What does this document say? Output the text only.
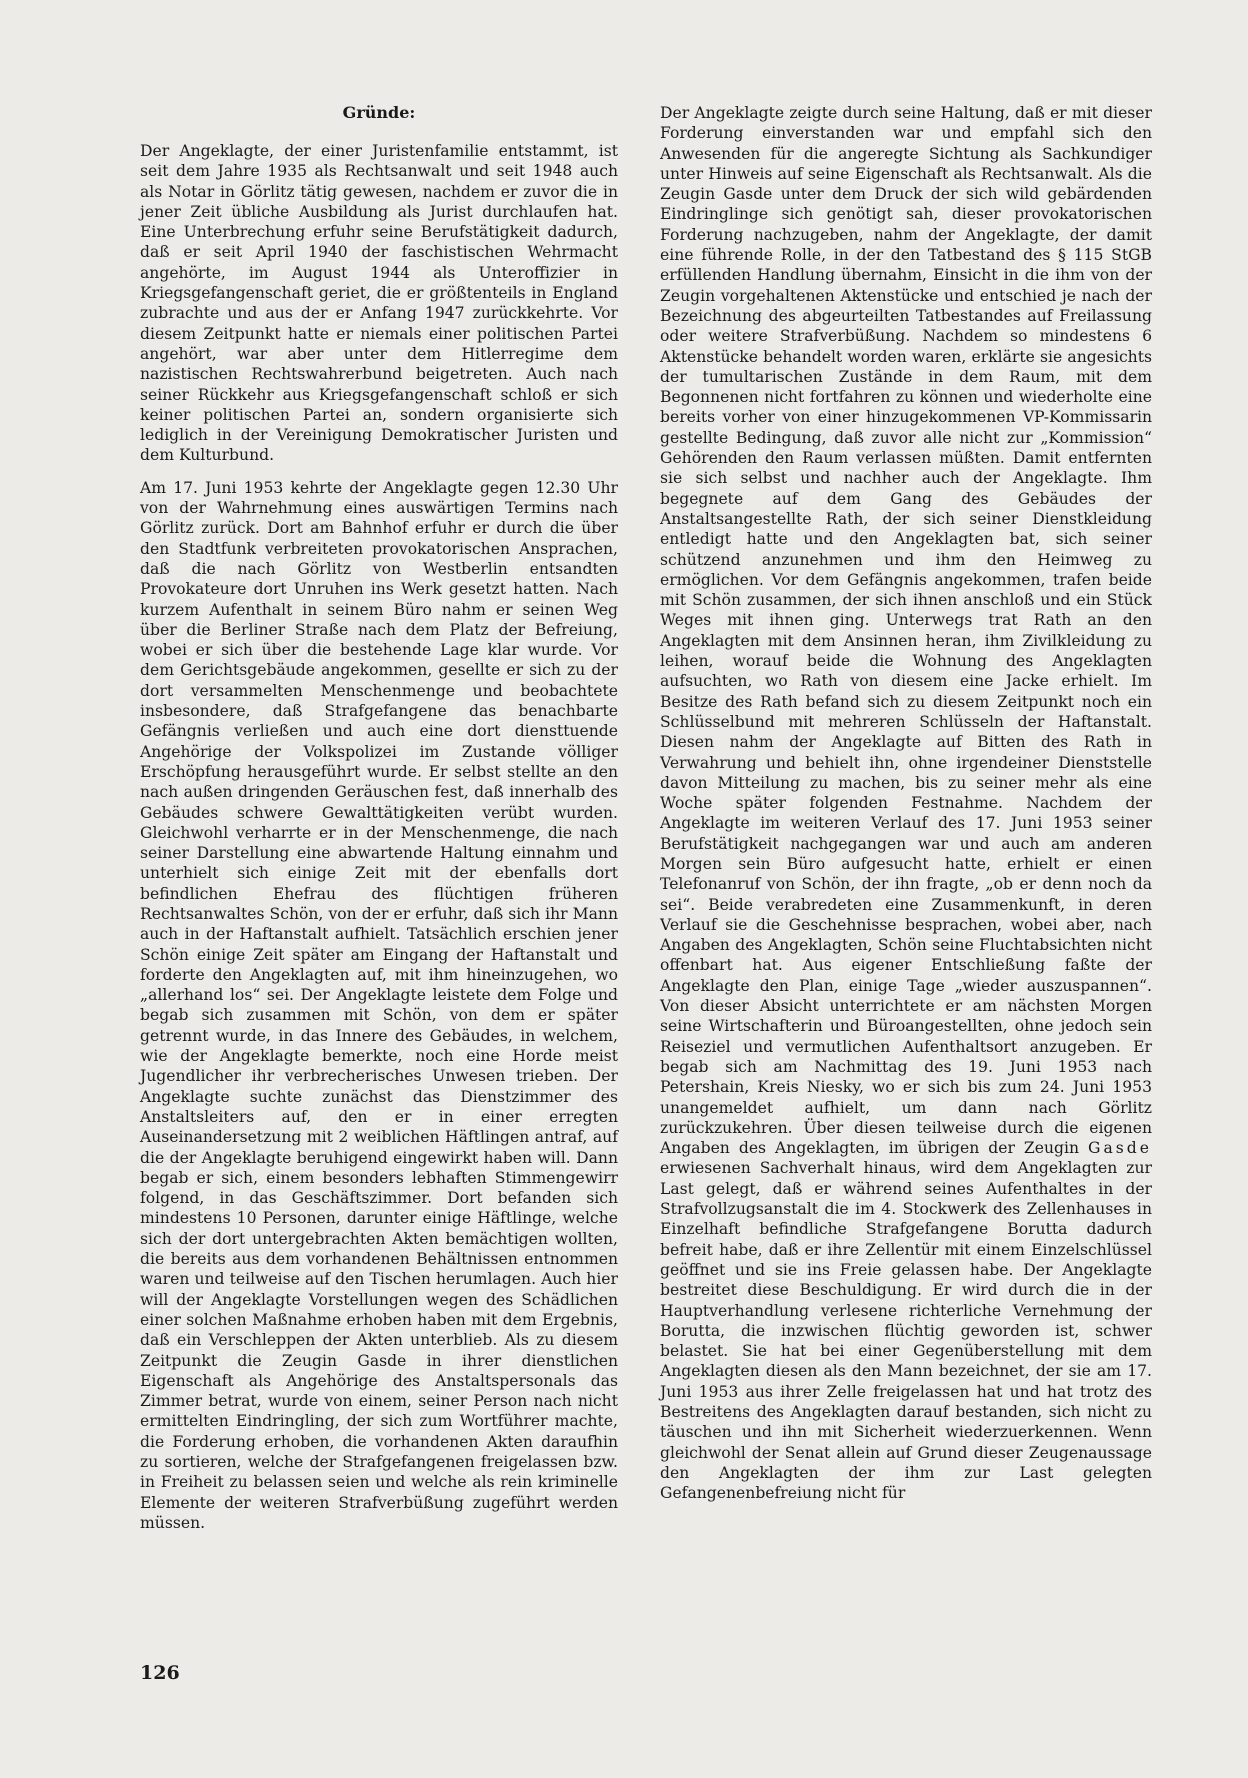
Gründe:

Der Angeklagte, der einer Juristenfamilie entstammt, ist seit dem Jahre 1935 als Rechtsanwalt und seit 1948 auch als Notar in Görlitz tätig gewesen, nachdem er zuvor die in jener Zeit übliche Ausbildung als Jurist durchlaufen hat. Eine Unterbrechung erfuhr seine Berufstätigkeit dadurch, daß er seit April 1940 der faschistischen Wehrmacht angehörte, im August 1944 als Unteroffizier in Kriegsgefangenschaft geriet, die er größtenteils in England zubrachte und aus der er Anfang 1947 zurückkehrte. Vor diesem Zeitpunkt hatte er niemals einer politischen Partei angehört, war aber unter dem Hitlerregime dem nazistischen Rechtswahrerbund beigetreten. Auch nach seiner Rückkehr aus Kriegsgefangenschaft schloß er sich keiner politischen Partei an, sondern organisierte sich lediglich in der Vereinigung Demokratischer Juristen und dem Kulturbund.

Am 17. Juni 1953 kehrte der Angeklagte gegen 12.30 Uhr von der Wahrnehmung eines auswärtigen Termins nach Görlitz zurück. Dort am Bahnhof erfuhr er durch die über den Stadtfunk verbreiteten provokatorischen Ansprachen, daß die nach Görlitz von Westberlin entsandten Provokateure dort Unruhen ins Werk gesetzt hatten. Nach kurzem Aufenthalt in seinem Büro nahm er seinen Weg über die Berliner Straße nach dem Platz der Befreiung, wobei er sich über die bestehende Lage klar wurde. Vor dem Gerichtsgebäude angekommen, gesellte er sich zu der dort versammelten Menschenmenge und beobachtete insbesondere, daß Strafgefangene das benachbarte Gefängnis verließen und auch eine dort diensttuende Angehörige der Volkspolizei im Zustande völliger Erschöpfung herausgeführt wurde. Er selbst stellte an den nach außen dringenden Geräuschen fest, daß innerhalb des Gebäudes schwere Gewalttätigkeiten verübt wurden. Gleichwohl verharrte er in der Menschenmenge, die nach seiner Darstellung eine abwartende Haltung einnahm und unterhielt sich einige Zeit mit der ebenfalls dort befindlichen Ehefrau des flüchtigen früheren Rechtsanwaltes Schön, von der er erfuhr, daß sich ihr Mann auch in der Haftanstalt aufhielt. Tatsächlich erschien jener Schön einige Zeit später am Eingang der Haftanstalt und forderte den Angeklagten auf, mit ihm hineinzugehen, wo „allerhand los“ sei. Der Angeklagte leistete dem Folge und begab sich zusammen mit Schön, von dem er später getrennt wurde, in das Innere des Gebäudes, in welchem, wie der Angeklagte bemerkte, noch eine Horde meist Jugendlicher ihr verbrecherisches Unwesen trieben. Der Angeklagte suchte zunächst das Dienstzimmer des Anstaltsleiters auf, den er in einer erregten Auseinandersetzung mit 2 weiblichen Häftlingen antraf, auf die der Angeklagte beruhigend eingewirkt haben will. Dann begab er sich, einem besonders lebhaften Stimmengewirr folgend, in das Geschäftszimmer. Dort befanden sich mindestens 10 Personen, darunter einige Häftlinge, welche sich der dort untergebrachten Akten bemächtigen wollten, die bereits aus dem vorhandenen Behältnissen entnommen waren und teilweise auf den Tischen herumlagen. Auch hier will der Angeklagte Vorstellungen wegen des Schädlichen einer solchen Maßnahme erhoben haben mit dem Ergebnis, daß ein Verschleppen der Akten unterblieb. Als zu diesem Zeitpunkt die Zeugin Gasde in ihrer dienstlichen Eigenschaft als Angehörige des Anstaltspersonals das Zimmer betrat, wurde von einem, seiner Person nach nicht ermittelten Eindringling, der sich zum Wortführer machte, die Forderung erhoben, die vorhandenen Akten daraufhin zu sortieren, welche der Strafgefangenen freigelassen bzw. in Freiheit zu belassen seien und welche als rein kriminelle Elemente der weiteren Strafverbüßung zugeführt werden müssen.

Der Angeklagte zeigte durch seine Haltung, daß er mit dieser Forderung einverstanden war und empfahl sich den Anwesenden für die angeregte Sichtung als Sachkundiger unter Hinweis auf seine Eigenschaft als Rechtsanwalt. Als die Zeugin Gasde unter dem Druck der sich wild gebärdenden Eindringlinge sich genötigt sah, dieser provokatorischen Forderung nachzugeben, nahm der Angeklagte, der damit eine führende Rolle, in der den Tatbestand des § 115 StGB erfüllenden Handlung übernahm, Einsicht in die ihm von der Zeugin vorgehaltenen Aktenstücke und entschied je nach der Bezeichnung des abgeurteilten Tatbestandes auf Freilassung oder weitere Strafverbüßung. Nachdem so mindestens 6 Aktenstücke behandelt worden waren, erklärte sie angesichts der tumultarischen Zustände in dem Raum, mit dem Begonnenen nicht fortfahren zu können und wiederholte eine bereits vorher von einer hinzugekommenen VP-Kommissarin gestellte Bedingung, daß zuvor alle nicht zur „Kommission“ Gehörenden den Raum verlassen müßten. Damit entfernten sie sich selbst und nachher auch der Angeklagte. Ihm begegnete auf dem Gang des Gebäudes der Anstaltsangestellte Rath, der sich seiner Dienstkleidung entledigt hatte und den Angeklagten bat, sich seiner schützend anzunehmen und ihm den Heimweg zu ermöglichen. Vor dem Gefängnis angekommen, trafen beide mit Schön zusammen, der sich ihnen anschloß und ein Stück Weges mit ihnen ging. Unterwegs trat Rath an den Angeklagten mit dem Ansinnen heran, ihm Zivilkleidung zu leihen, worauf beide die Wohnung des Angeklagten aufsuchten, wo Rath von diesem eine Jacke erhielt. Im Besitze des Rath befand sich zu diesem Zeitpunkt noch ein Schlüsselbund mit mehreren Schlüsseln der Haftanstalt. Diesen nahm der Angeklagte auf Bitten des Rath in Verwahrung und behielt ihn, ohne irgendeiner Dienststelle davon Mitteilung zu machen, bis zu seiner mehr als eine Woche später folgenden Festnahme. Nachdem der Angeklagte im weiteren Verlauf des 17. Juni 1953 seiner Berufstätigkeit nachgegangen war und auch am anderen Morgen sein Büro aufgesucht hatte, erhielt er einen Telefonanruf von Schön, der ihn fragte, „ob er denn noch da sei“. Beide verabredeten eine Zusammenkunft, in deren Verlauf sie die Geschehnisse besprachen, wobei aber, nach Angaben des Angeklagten, Schön seine Fluchtabsichten nicht offenbart hat. Aus eigener Entschließung faßte der Angeklagte den Plan, einige Tage „wieder auszuspannen“. Von dieser Absicht unterrichtete er am nächsten Morgen seine Wirtschafterin und Büroangestellten, ohne jedoch sein Reiseziel und vermutlichen Aufenthaltsort anzugeben. Er begab sich am Nachmittag des 19. Juni 1953 nach Petershain, Kreis Niesky, wo er sich bis zum 24. Juni 1953 unangemeldet aufhielt, um dann nach Görlitz zurückzukehren. Über diesen teilweise durch die eigenen Angaben des Angeklagten, im übrigen der Zeugin Gasde erwiesenen Sachverhalt hinaus, wird dem Angeklagten zur Last gelegt, daß er während seines Aufenthaltes in der Strafvollzugsanstalt die im 4. Stockwerk des Zellenhauses in Einzelhaft befindliche Strafgefangene Borutta dadurch befreit habe, daß er ihre Zellentür mit einem Einzelschlüssel geöffnet und sie ins Freie gelassen habe. Der Angeklagte bestreitet diese Beschuldigung. Er wird durch die in der Hauptverhandlung verlesene richterliche Vernehmung der Borutta, die inzwischen flüchtig geworden ist, schwer belastet. Sie hat bei einer Gegenüberstellung mit dem Angeklagten diesen als den Mann bezeichnet, der sie am 17. Juni 1953 aus ihrer Zelle freigelassen hat und hat trotz des Bestreitens des Angeklagten darauf bestanden, sich nicht zu täuschen und ihn mit Sicherheit wiederzuerkennen. Wenn gleichwohl der Senat allein auf Grund dieser Zeugenaussage den Angeklagten der ihm zur Last gelegten Gefangenenbefreiung nicht für

126
